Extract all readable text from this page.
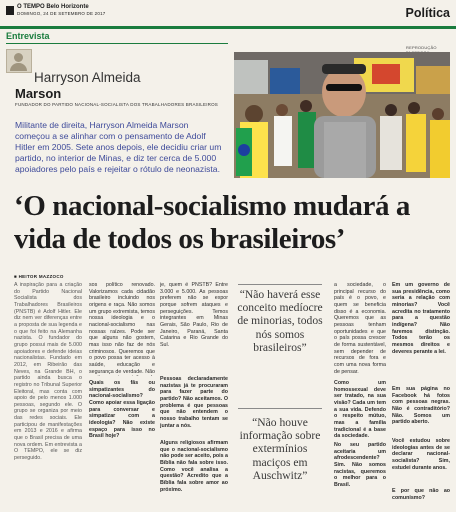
O TEMPO Belo Horizonte
DOMINGO, 24 DE SETEMBRO DE 2017	Política
Entrevista
Harryson Almeida
Marson
FUNDADOR DO PARTIDO NACIONAL-SOCIALISTA DOS TRABALHADORES BRASILEIROS
Militante de direita, Harryson Almeida Marson começou a se alinhar com o pensamento de Adolf Hitler em 2005. Sete anos depois, ele decidiu criar um partido, no interior de Minas, e diz ter cerca de 5.000 apoiadores pelo país e rejeitar o rótulo de neonazista.
REPRODUÇÃO
‘O nacional-socialismo mudará a vida de todos os brasileiros’
■ HEITOR MAZZOCO
A inspiração para a criação do Partido Nacional Socialista dos Trabalhadores Brasileiros (PNSTB) é Adolf Hitler. Ele diz nem ver diferenças entre a proposta de sua legenda e o que foi feito na Alemanha nazista. O fundador do grupo possui mais de 5.000 apoiadores e defende ideias nacionalistas. Fundado em 2012, em Ribeirão das Neves, na Grande BH, o partido ainda busca o registro no Tribunal Superior Eleitoral, mas conta com apoio de pelo menos 1.000 pessoas, segundo ele. O grupo se organiza por meio das redes sociais. Ele participou de manifestações em 2013 e 2016 e afirma que o Brasil precisa de uma nova ordem. Em entrevista a O TEMPO, ele se diz perseguido.
sos político renovado. Valorizamos cada cidadão brasileiro incluindo nos origens e raça. Não somos um grupo extremista, temos nossa ideologia e o nacional-socialismo nas nossas raízes. Pode ser que alguns não gostem, mas isso não faz de nós criminosos. Queremos que o povo possa ter acesso à saúde, educação e segurança de verdade. Não
Quais os fãs ou simpatizantes do nacional-socialismo? Como apoiar essa ligação para conversar e simpatizar com a ideologia? Não existe espaço para isso no Brasil hoje?
je, quem é PNSTB? Entre 3.000 e 5.000. As pessoas preferem não se expor porque sofrem ataques e perseguições. Temos integrantes em Minas Gerais, São Paulo, Rio de Janeiro, Paraná, Santa Catarina e Rio Grande do Sul.
Pessoas declaradamente nazistas já te procuraram para fazer parte do partido? Não aceitamos. O problema é que pessoas que não entendem o nosso trabalho tentam se juntar a nós.
Alguns religiosos afirmam que o nacional-socialismo não pode ser aceito, pois a Bíblia não fala sobre isso. Como você analisa a questão? Acredito que a Bíblia fala sobre amor ao próximo.
“Não haverá esse conceito medíocre de minorias, todos nós somos brasileiros”
“Não houve informação sobre extermínios maciços em Auschwitz”
a sociedade, o principal recurso do país é o povo, e quem se beneficia disso é a economia. Queremos que as pessoas tenham oportunidades e que o país possa crescer de forma sustentável, sem depender de recursos de fora e com uma nova forma de pensar.
Como um homossexual deve ser tratado, na sua visão? Cada um tem a sua vida. Defendo o respeito mútuo, mas a família tradicional é a base da sociedade.
No seu partido aceitaria um afrodescendente? Sim. Não somos racistas, queremos o melhor para o Brasil.
Em um governo de sua presidência, como seria a relação com minorias? Você acredita no tratamento para a questão indígena? Não faremos distinção. Todos terão os mesmos direitos e deveres perante a lei.
Em sua página no Facebook há fotos com pessoas negras. Não é contraditório? Não. Somos um partido aberto.
Você estudou sobre ideologias antes de se declarar nacional-socialista? Sim, estudei durante anos.
E por que não ao comunismo?
